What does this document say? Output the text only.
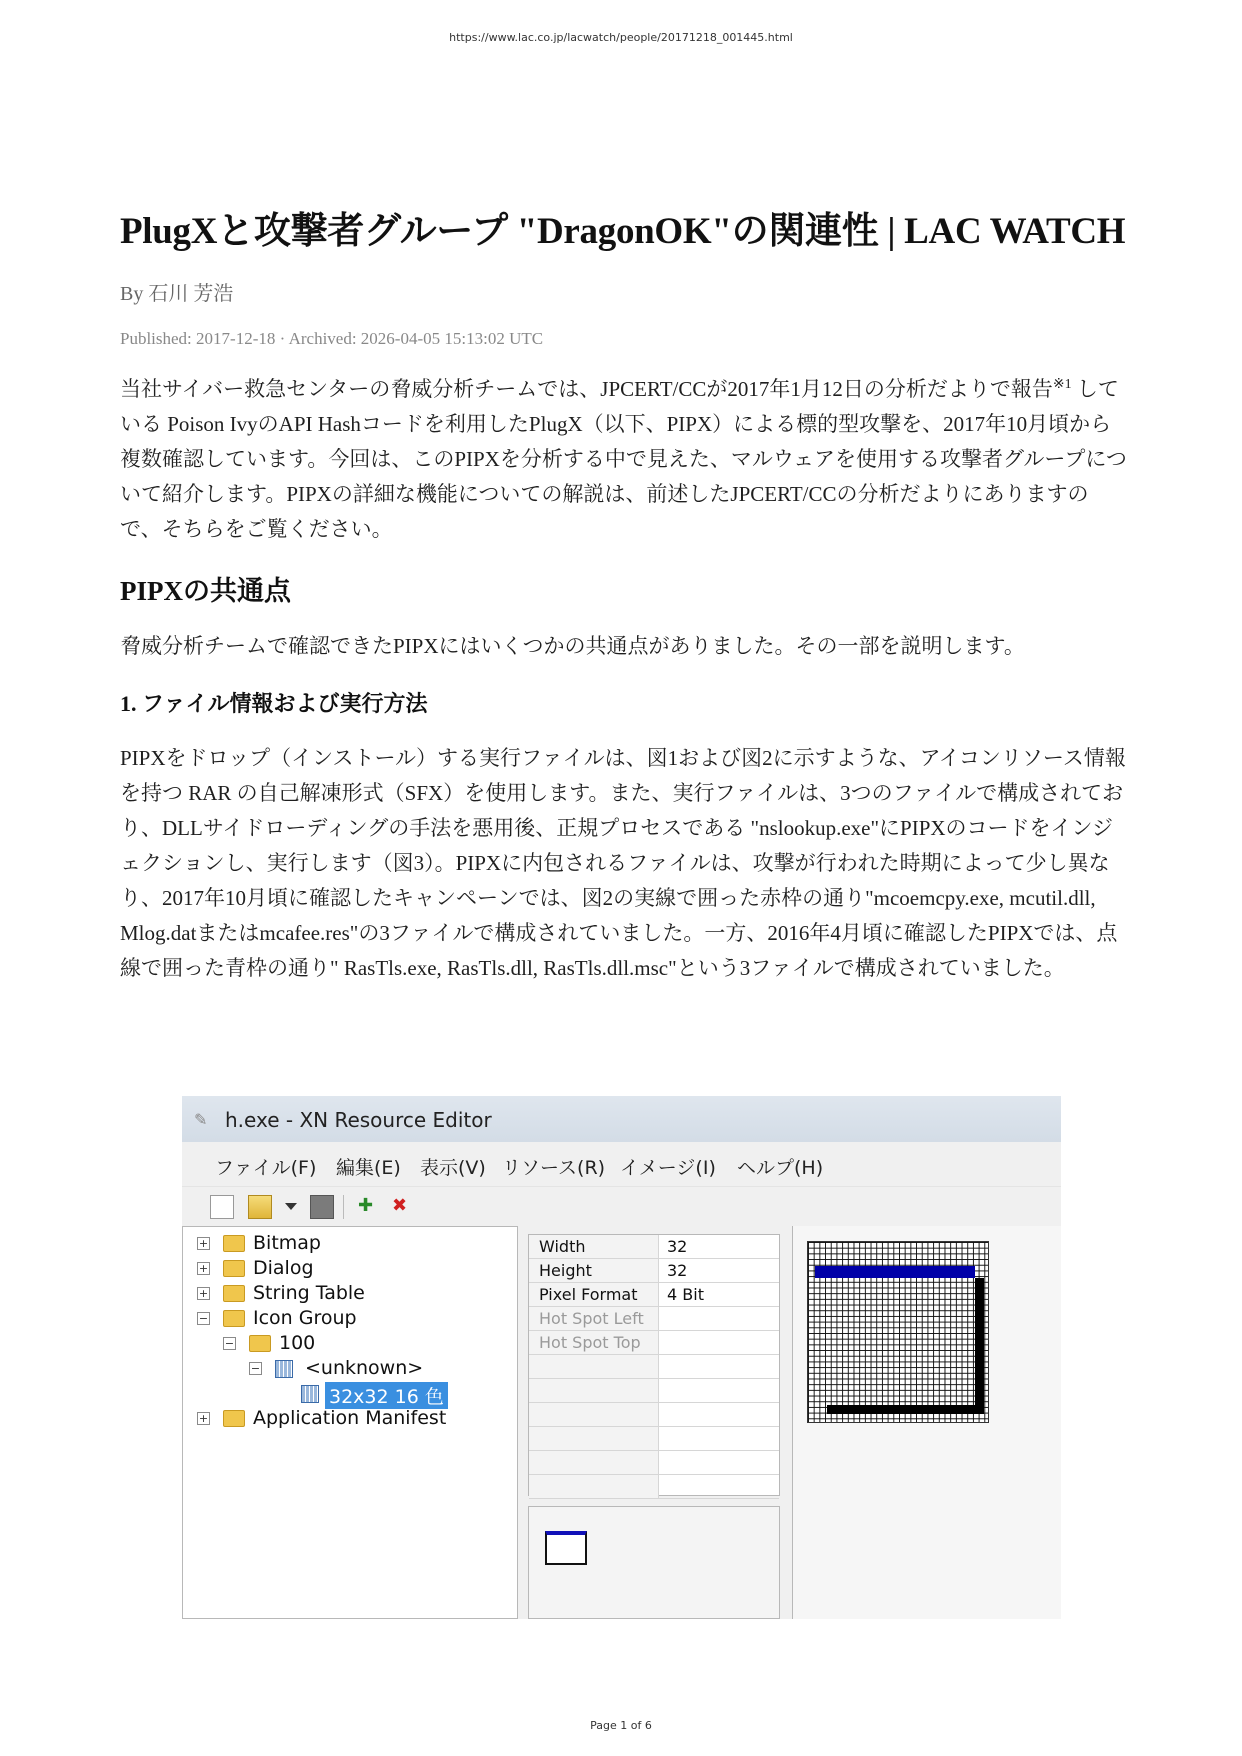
https://www.lac.co.jp/lacwatch/people/20171218_001445.html
PlugXと攻撃者グループ "DragonOK"の関連性 | LAC WATCH
By 石川 芳浩
Published: 2017-12-18 · Archived: 2026-04-05 15:13:02 UTC

当社サイバー救急センターの脅威分析チームでは、JPCERT/CCが2017年1月12日の分析だよりで報告$^{※1}$ している Poison IvyのAPI Hashコードを利用したPlugX（以下、PIPX）による標的型攻撃を、2017年10月頃から複数確認しています。今回は、このPIPXを分析する中で見えた、マルウェアを使用する攻撃者グループについて紹介します。PIPXの詳細な機能についての解説は、前述したJPCERT/CCの分析だよりにありますので、そちらをご覧ください。

PIPXの共通点

脅威分析チームで確認できたPIPXにはいくつかの共通点がありました。その一部を説明します。

1. ファイル情報および実行方法

PIPXをドロップ（インストール）する実行ファイルは、図1および図2に示すような、アイコンリソース情報を持つ RAR の自己解凍形式（SFX）を使用します。また、実行ファイルは、3つのファイルで構成されており、DLLサイドローディングの手法を悪用後、正規プロセスである "nslookup.exe"にPIPXのコードをインジェクションし、実行します（図3）。PIPXに内包されるファイルは、攻撃が行われた時期によって少し異なり、2017年10月頃に確認したキャンペーンでは、図2の実線で囲った赤枠の通り"mcoemcpy.exe, mcutil.dll, Mlog.datまたはmcafee.res"の3ファイルで構成されていました。一方、2016年4月頃に確認したPIPXでは、点線で囲った青枠の通り" RasTls.exe, RasTls.dll, RasTls.dll.msc"という3ファイルで構成されていました。

✎ h.exe - XN Resource Editor
ファイル(F) 編集(E) 表示(V) リソース(R) イメージ(I) ヘルプ(H)
✚	✖
+ Bitmap
+ Dialog
+ String Table
− Icon Group
− 100
− <unknown>
32x32 16 色
+ Application Manifest
Width	32
Height	32
Pixel Format	4 Bit
Hot Spot Left
Hot Spot Top
Page 1 of 6
